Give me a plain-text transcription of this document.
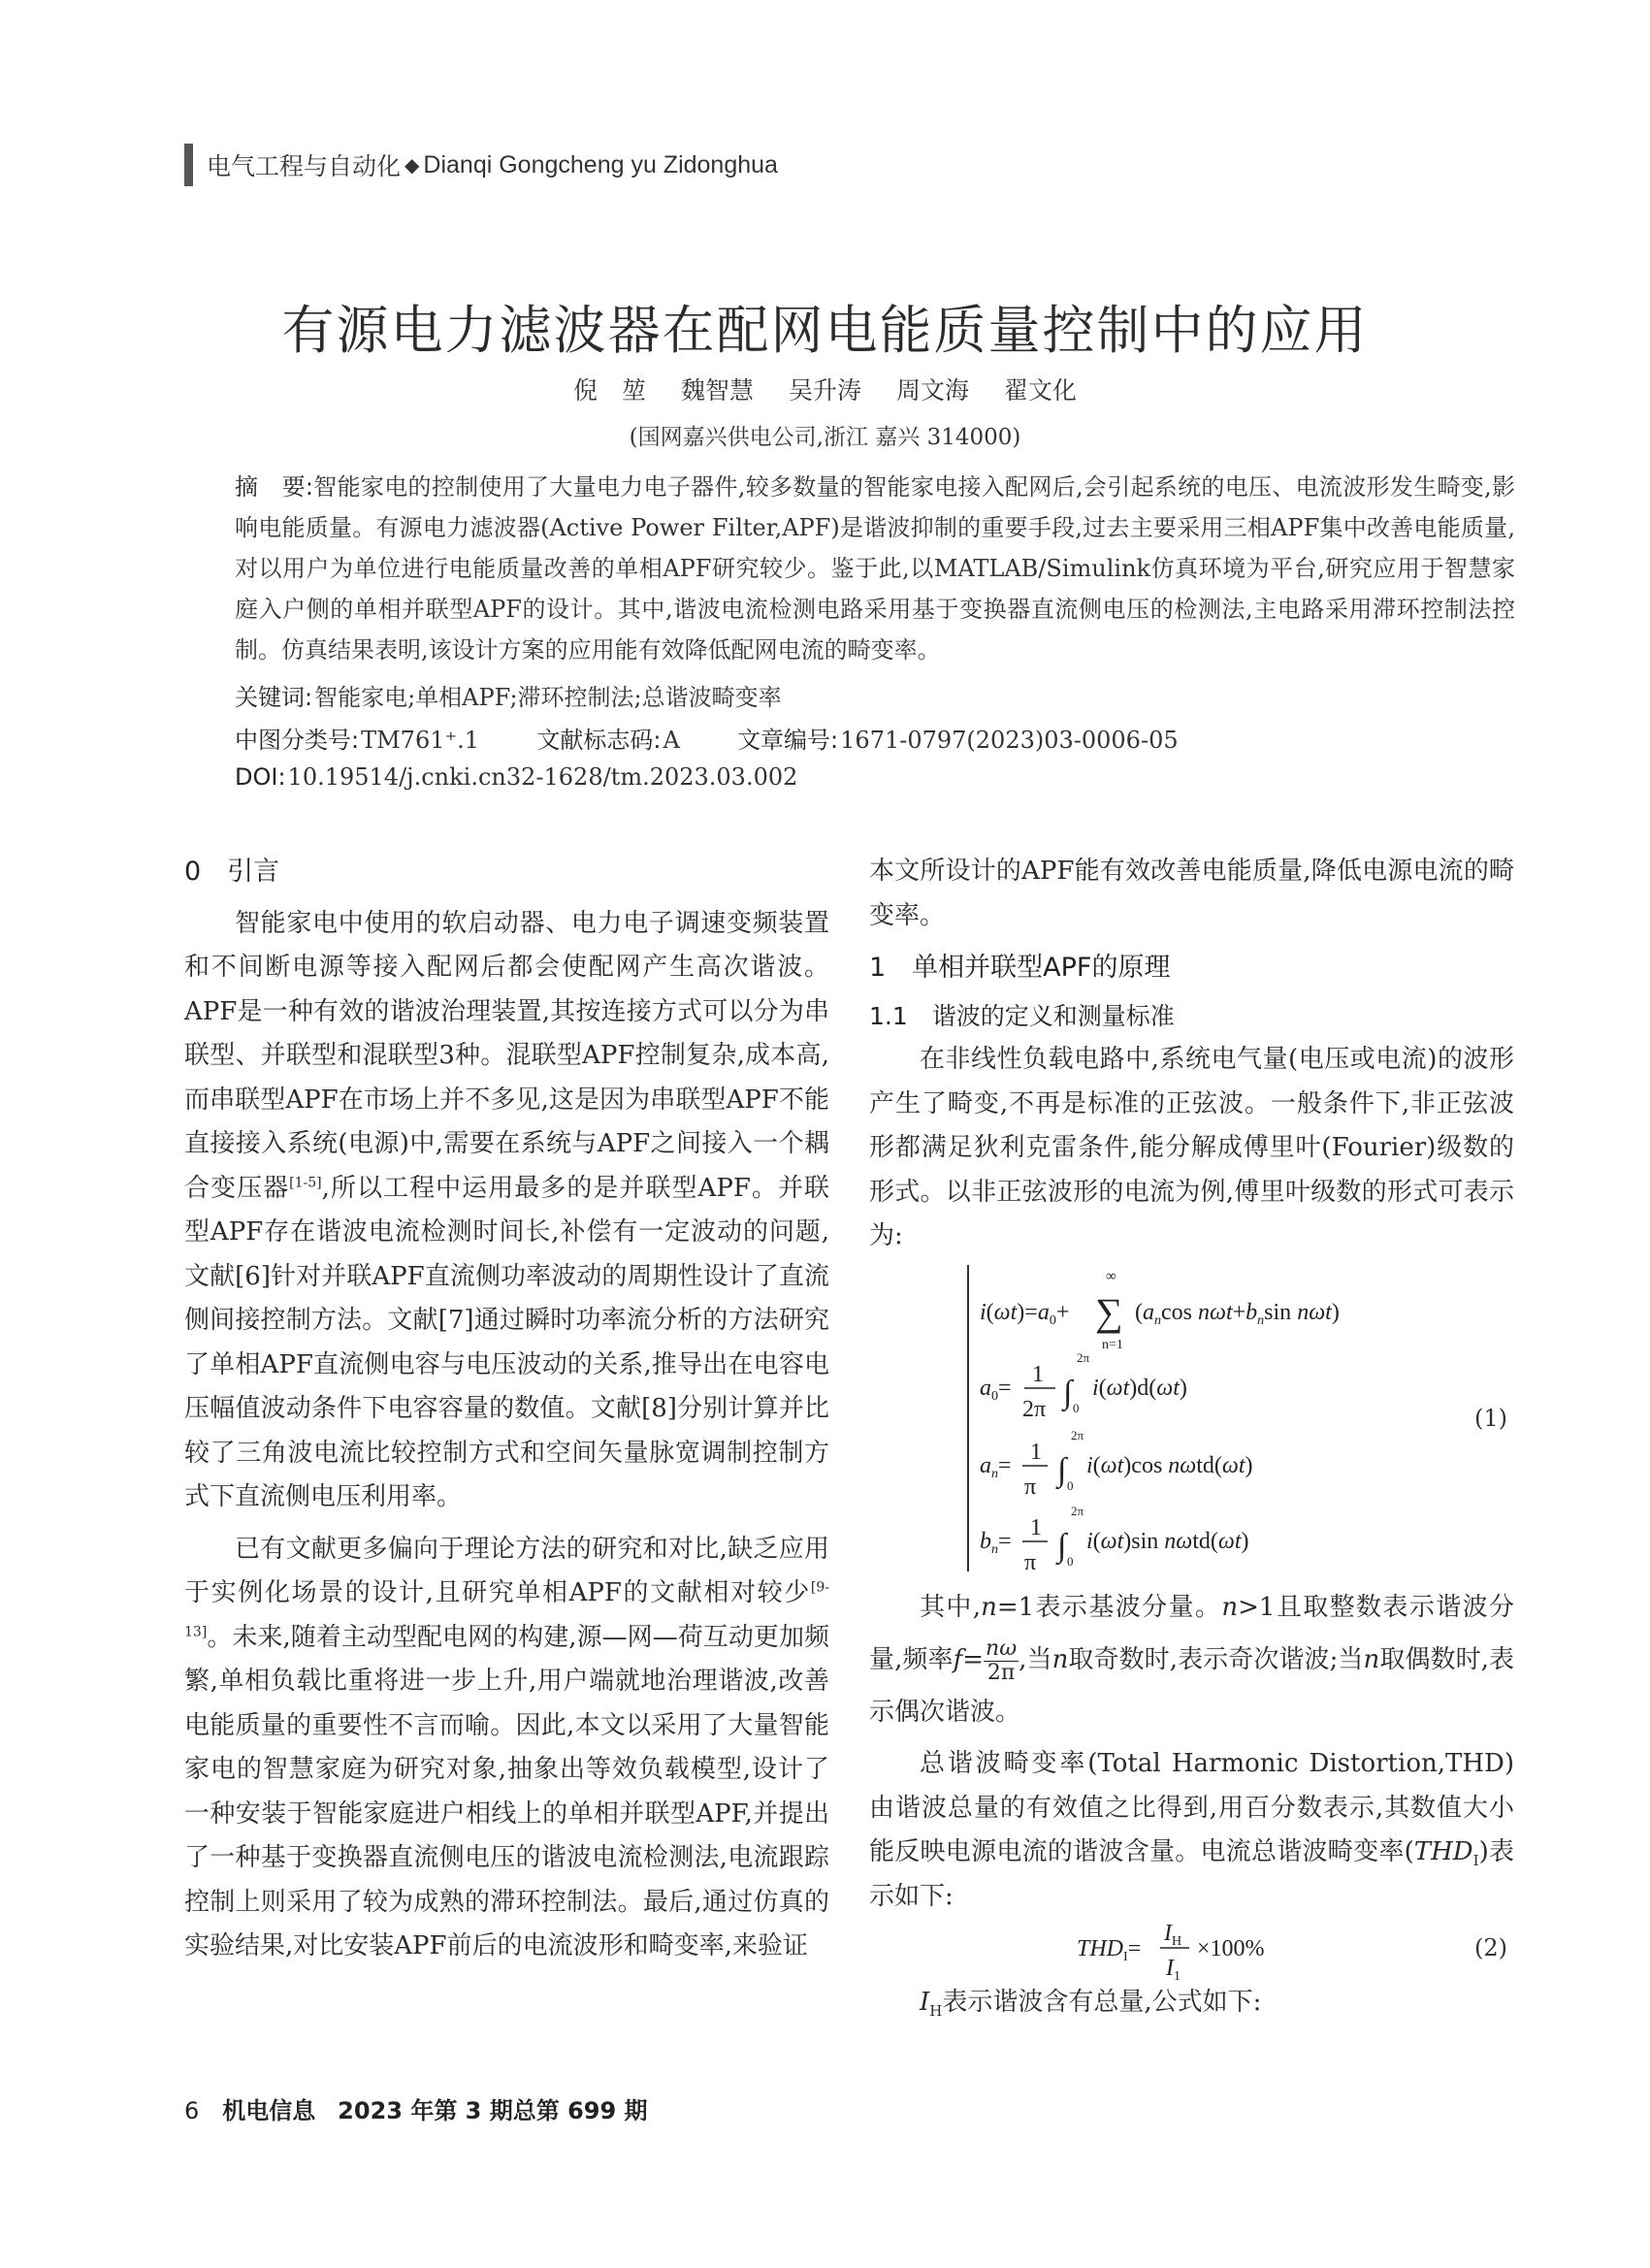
电气工程与自动化 ◆ Dianqi Gongcheng yu Zidonghua
有源电力滤波器在配网电能质量控制中的应用
倪　堃 魏智慧 吴升涛 周文海 翟文化
(国网嘉兴供电公司,浙江 嘉兴 314000)
摘　要:智能家电的控制使用了大量电力电子器件,较多数量的智能家电接入配网后,会引起系统的电压、电流波形发生畸变,影响电能质量。有源电力滤波器(Active Power Filter,APF)是谐波抑制的重要手段,过去主要采用三相APF集中改善电能质量,对以用户为单位进行电能质量改善的单相APF研究较少。鉴于此,以MATLAB/Simulink仿真环境为平台,研究应用于智慧家庭入户侧的单相并联型APF的设计。其中,谐波电流检测电路采用基于变换器直流侧电压的检测法,主电路采用滞环控制法控制。仿真结果表明,该设计方案的应用能有效降低配网电流的畸变率。
关键词:智能家电;单相APF;滞环控制法;总谐波畸变率
中图分类号:TM761⁺.1 文献标志码:A 文章编号:1671-0797(2023)03-0006-05
DOI:10.19514/j.cnki.cn32-1628/tm.2023.03.002
0　引言

智能家电中使用的软启动器、电力电子调速变频装置和不间断电源等接入配网后都会使配网产生高次谐波。APF是一种有效的谐波治理装置,其按连接方式可以分为串联型、并联型和混联型3种。混联型APF控制复杂,成本高,而串联型APF在市场上并不多见,这是因为串联型APF不能直接接入系统(电源)中,需要在系统与APF之间接入一个耦合变压器[1-5],所以工程中运用最多的是并联型APF。并联型APF存在谐波电流检测时间长,补偿有一定波动的问题,文献[6]针对并联APF直流侧功率波动的周期性设计了直流侧间接控制方法。文献[7]通过瞬时功率流分析的方法研究了单相APF直流侧电容与电压波动的关系,推导出在电容电压幅值波动条件下电容容量的数值。文献[8]分别计算并比较了三角波电流比较控制方式和空间矢量脉宽调制控制方式下直流侧电压利用率。

已有文献更多偏向于理论方法的研究和对比,缺乏应用于实例化场景的设计,且研究单相APF的文献相对较少[9-13]。未来,随着主动型配电网的构建,源—网—荷互动更加频繁,单相负载比重将进一步上升,用户端就地治理谐波,改善电能质量的重要性不言而喻。因此,本文以采用了大量智能家电的智慧家庭为研究对象,抽象出等效负载模型,设计了一种安装于智能家庭进户相线上的单相并联型APF,并提出了一种基于变换器直流侧电压的谐波电流检测法,电流跟踪控制上则采用了较为成熟的滞环控制法。最后,通过仿真的实验结果,对比安装APF前后的电流波形和畸变率,来验证

本文所设计的APF能有效改善电能质量,降低电源电流的畸变率。

1　单相并联型APF的原理
1.1　谐波的定义和测量标准

在非线性负载电路中,系统电气量(电压或电流)的波形产生了畸变,不再是标准的正弦波。一般条件下,非正弦波形都满足狄利克雷条件,能分解成傅里叶(Fourier)级数的形式。以非正弦波形的电流为例,傅里叶级数的形式可表示为:

$i(\omega t)=a_0+$
∞
∑
n=1
($a_n\cos$ $n\omega t+b_n\sin$ nωt)
$a_0=$
1
2π ∫
2π
0
i(ωt)d(ωt)
$a_n=$
1
π ∫
2π
0
i(ωt)cos nωtd(ωt)
$b_n=$
1
π ∫
2π
0
i(ωt)sin nωtd(ωt)
(1)

其中,n=1表示基波分量。n>1且取整数表示谐波分量,频率$f= \frac{n\omega}{2\pi}$ ,当n取奇数时,表示奇次谐波;当n取偶数时,表示偶次谐波。

总谐波畸变率(Total Harmonic Distortion,THD)由谐波总量的有效值之比得到,用百分数表示,其数值大小能反映电源电流的谐波含量。电流总谐波畸变率$(THD_I)$表示如下:

$THD_I=$
$I_H$
$I_1$
×100%	(2)

$I_H$表示谐波含有总量,公式如下:

6 机电信息 2023 年第 3 期总第 699 期
